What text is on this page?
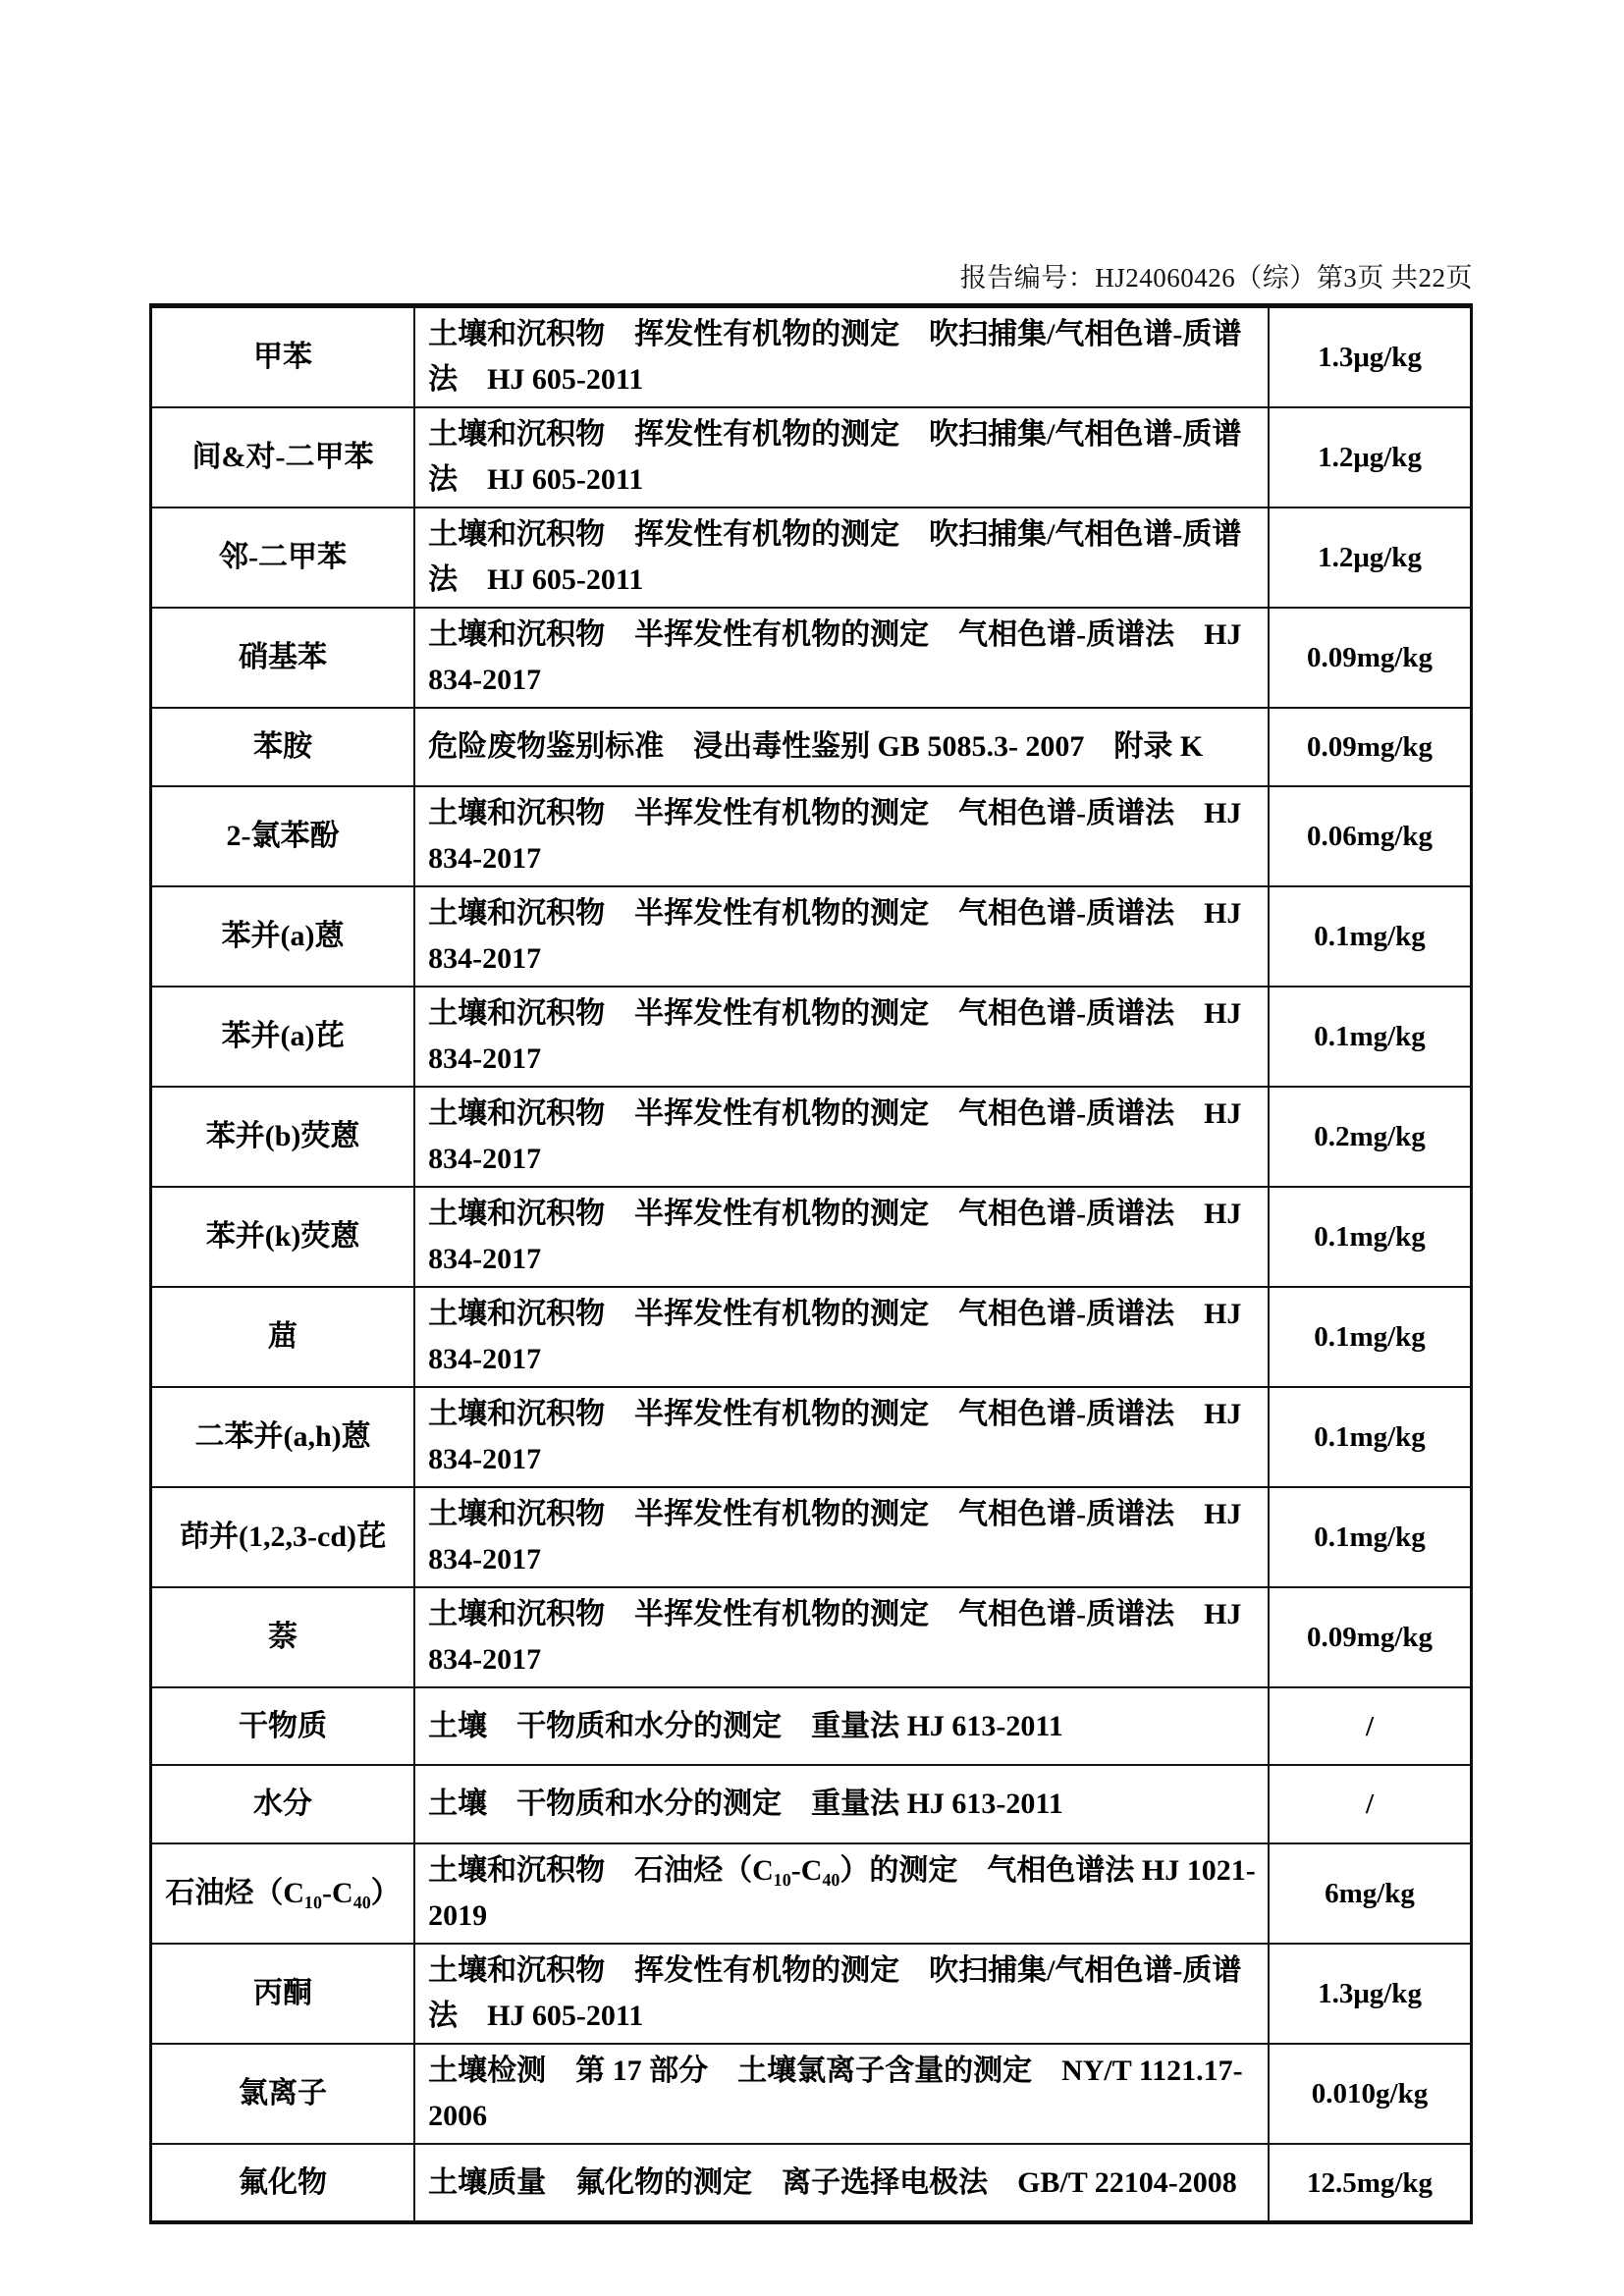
报告编号：HJ24060426（综）第3页 共22页
甲苯	土壤和沉积物　挥发性有机物的测定　吹扫捕集/气相色谱-质谱法　HJ 605-2011	1.3μg/kg
间&对-二甲苯	土壤和沉积物　挥发性有机物的测定　吹扫捕集/气相色谱-质谱法　HJ 605-2011	1.2μg/kg
邻-二甲苯	土壤和沉积物　挥发性有机物的测定　吹扫捕集/气相色谱-质谱法　HJ 605-2011	1.2μg/kg
硝基苯	土壤和沉积物　半挥发性有机物的测定　气相色谱-质谱法　HJ 834-2017	0.09mg/kg
苯胺	危险废物鉴别标准　浸出毒性鉴别 GB 5085.3- 2007　附录 K	0.09mg/kg
2-氯苯酚	土壤和沉积物　半挥发性有机物的测定　气相色谱-质谱法　HJ 834-2017	0.06mg/kg
苯并(a)蒽	土壤和沉积物　半挥发性有机物的测定　气相色谱-质谱法　HJ 834-2017	0.1mg/kg
苯并(a)芘	土壤和沉积物　半挥发性有机物的测定　气相色谱-质谱法　HJ 834-2017	0.1mg/kg
苯并(b)荧蒽	土壤和沉积物　半挥发性有机物的测定　气相色谱-质谱法　HJ 834-2017	0.2mg/kg
苯并(k)荧蒽	土壤和沉积物　半挥发性有机物的测定　气相色谱-质谱法　HJ 834-2017	0.1mg/kg
䓛	土壤和沉积物　半挥发性有机物的测定　气相色谱-质谱法　HJ 834-2017	0.1mg/kg
二苯并(a,h)蒽	土壤和沉积物　半挥发性有机物的测定　气相色谱-质谱法　HJ 834-2017	0.1mg/kg
茚并(1,2,3-cd)芘	土壤和沉积物　半挥发性有机物的测定　气相色谱-质谱法　HJ 834-2017	0.1mg/kg
萘	土壤和沉积物　半挥发性有机物的测定　气相色谱-质谱法　HJ 834-2017	0.09mg/kg
干物质	土壤　干物质和水分的测定　重量法 HJ 613-2011	/
水分	土壤　干物质和水分的测定　重量法 HJ 613-2011	/
石油烃（C₁₀-C₄₀）	土壤和沉积物　石油烃（C₁₀-C₄₀）的测定　气相色谱法 HJ 1021-2019	6mg/kg
丙酮	土壤和沉积物　挥发性有机物的测定　吹扫捕集/气相色谱-质谱法　HJ 605-2011	1.3μg/kg
氯离子	土壤检测　第 17 部分　土壤氯离子含量的测定　NY/T 1121.17-2006	0.010g/kg
氟化物	土壤质量　氟化物的测定　离子选择电极法　GB/T 22104-2008	12.5mg/kg
